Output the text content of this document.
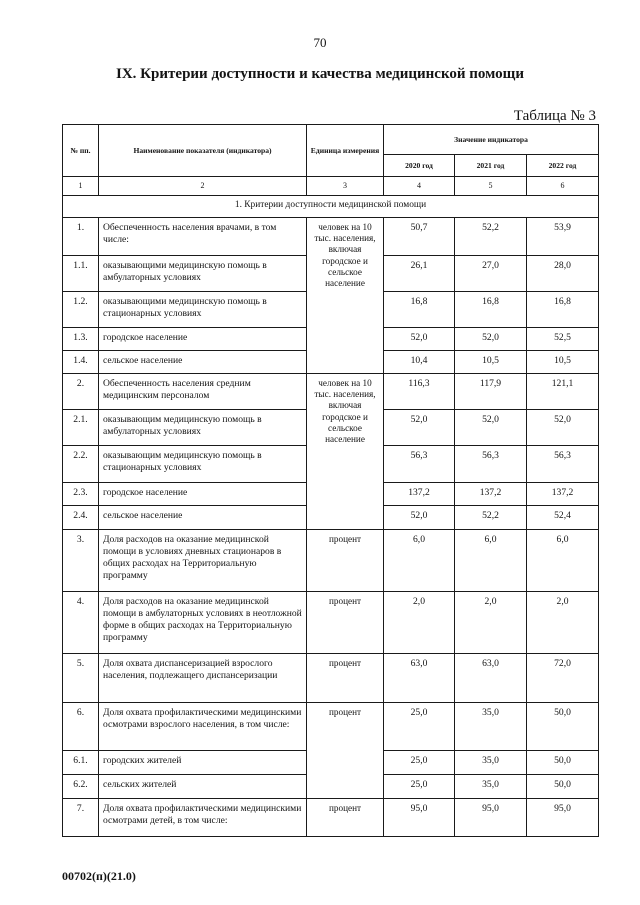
70
IX. Критерии доступности и качества медицинской помощи
Таблица № 3
№ пп.	Наименование показателя (индикатора)	Единица измерения	Значение индикатора		
			2020 год	2021 год	2022 год
1	2	3	4	5	6
1. Критерии доступности медицинской помощи					
1.	Обеспеченность населения врачами, в том числе:	человек на 10 тыс. населения, включая городское и сельское население	50,7	52,2	53,9
1.1.	оказывающими медицинскую помощь в амбулаторных условиях		26,1	27,0	28,0
1.2.	оказывающими медицинскую помощь в стационарных условиях		16,8	16,8	16,8
1.3.	городское население		52,0	52,0	52,5
1.4.	сельское население		10,4	10,5	10,5
2.	Обеспеченность населения средним медицинским персоналом	человек на 10 тыс. населения, включая городское и сельское население	116,3	117,9	121,1
2.1.	оказывающим медицинскую помощь в амбулаторных условиях		52,0	52,0	52,0
2.2.	оказывающим медицинскую помощь в стационарных условиях		56,3	56,3	56,3
2.3.	городское население		137,2	137,2	137,2
2.4.	сельское население		52,0	52,2	52,4
3.	Доля расходов на оказание медицинской помощи в условиях дневных стационаров в общих расходах на Территориальную программу	процент	6,0	6,0	6,0
4.	Доля расходов на оказание медицинской помощи в амбулаторных условиях в неотложной форме в общих расходах на Территориальную программу	процент	2,0	2,0	2,0
5.	Доля охвата диспансеризацией взрослого населения, подлежащего диспансеризации	процент	63,0	63,0	72,0
6.	Доля охвата профилактическими медицинскими осмотрами взрослого населения, в том числе:	процент	25,0	35,0	50,0
6.1.	городских жителей		25,0	35,0	50,0
6.2.	сельских жителей		25,0	35,0	50,0
7.	Доля охвата профилактическими медицинскими осмотрами детей, в том числе:	процент	95,0	95,0	95,0
00702(п)(21.0)
